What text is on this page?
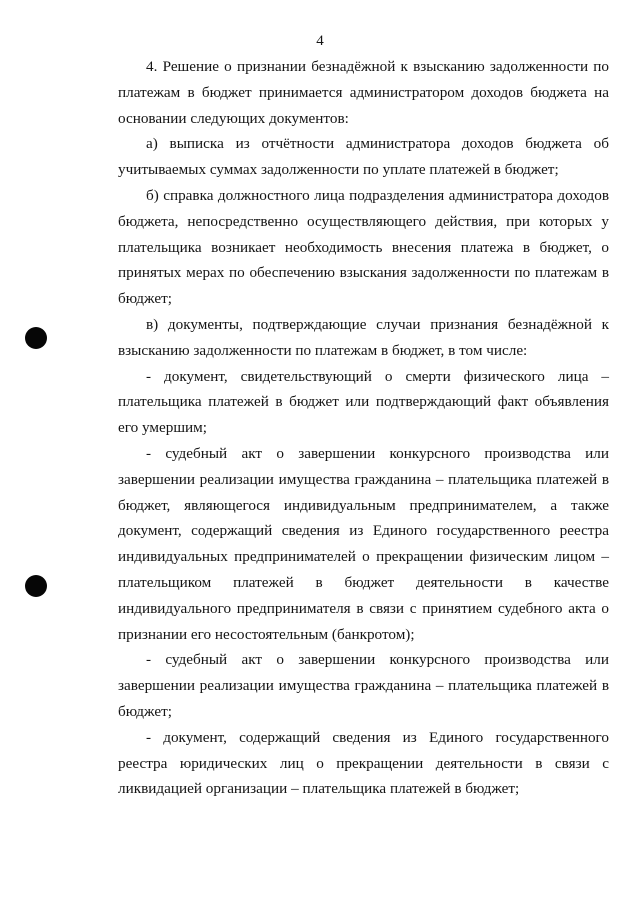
4

4. Решение о признании безнадёжной к взысканию задолженности по платежам в бюджет принимается администратором доходов бюджета на основании следующих документов:

а) выписка из отчётности администратора доходов бюджета об учитываемых суммах задолженности по уплате платежей в бюджет;

б) справка должностного лица подразделения администратора доходов бюджета, непосредственно осуществляющего действия, при которых у плательщика возникает необходимость внесения платежа в бюджет, о принятых мерах по обеспечению взыскания задолженности по платежам в бюджет;

в) документы, подтверждающие случаи признания безнадёжной к взысканию задолженности по платежам в бюджет, в том числе:

- документ, свидетельствующий о смерти физического лица – плательщика платежей в бюджет или подтверждающий факт объявления его умершим;

- судебный акт о завершении конкурсного производства или завершении реализации имущества гражданина – плательщика платежей в бюджет, являющегося индивидуальным предпринимателем, а также документ, содержащий сведения из Единого государственного реестра индивидуальных предпринимателей о прекращении физическим лицом – плательщиком платежей в бюджет деятельности в качестве индивидуального предпринимателя в связи с принятием судебного акта о признании его несостоятельным (банкротом);

- судебный акт о завершении конкурсного производства или завершении реализации имущества гражданина – плательщика платежей в бюджет;

- документ, содержащий сведения из Единого государственного реестра юридических лиц о прекращении деятельности в связи с ликвидацией организации – плательщика платежей в бюджет;
